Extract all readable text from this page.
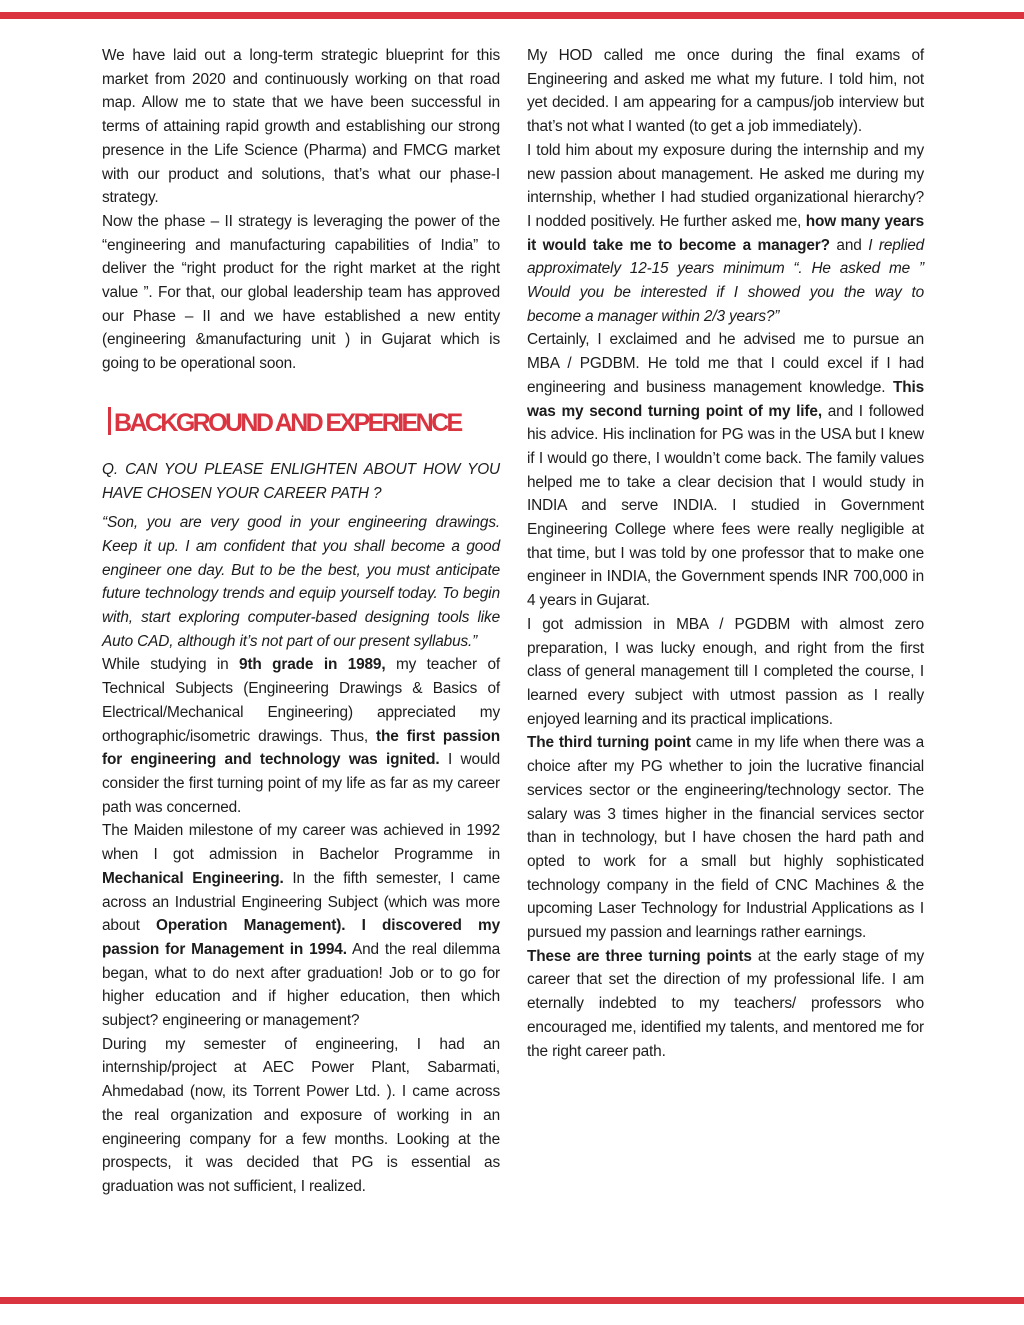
We have laid out a long-term strategic blueprint for this market from 2020 and continuously working on that road map. Allow me to state that we have been successful in terms of attaining rapid growth and establishing our strong presence in the Life Science (Pharma) and FMCG market with our product and solutions, that’s what our phase-I strategy.

Now the phase – II strategy is leveraging the power of the “engineering and manufacturing capabilities of India” to deliver the “right product for the right market at the right value ”. For that, our global leadership team has approved our Phase – II and we have established a new entity (engineering &manufacturing unit ) in Gujarat which is going to be operational soon.

BACKGROUND AND EXPERIENCE

Q. CAN YOU PLEASE ENLIGHTEN ABOUT HOW YOU HAVE CHOSEN YOUR CAREER PATH ?

“Son, you are very good in your engineering drawings. Keep it up. I am confident that you shall become a good engineer one day. But to be the best, you must anticipate future technology trends and equip yourself today. To begin with, start exploring computer-based designing tools like Auto CAD, although it’s not part of our present syllabus.”

While studying in 9th grade in 1989, my teacher of Technical Subjects (Engineering Drawings & Basics of Electrical/Mechanical Engineering) appreciated my orthographic/isometric drawings. Thus, the first passion for engineering and technology was ignited. I would consider the first turning point of my life as far as my career path was concerned.

The Maiden milestone of my career was achieved in 1992 when I got admission in Bachelor Programme in Mechanical Engineering. In the fifth semester, I came across an Industrial Engineering Subject (which was more about Operation Management). I discovered my passion for Management in 1994. And the real dilemma began, what to do next after graduation! Job or to go for higher education and if higher education, then which subject? engineering or management?

During my semester of engineering, I had an internship/project at AEC Power Plant, Sabarmati, Ahmedabad (now, its Torrent Power Ltd. ). I came across the real organization and exposure of working in an engineering company for a few months. Looking at the prospects, it was decided that PG is essential as graduation was not sufficient, I realized.

My HOD called me once during the final exams of Engineering and asked me what my future. I told him, not yet decided. I am appearing for a campus/job interview but that’s not what I wanted (to get a job immediately).

I told him about my exposure during the internship and my new passion about management. He asked me during my internship, whether I had studied organizational hierarchy? I nodded positively. He further asked me, how many years it would take me to become a manager? and I replied approximately 12-15 years minimum “. He asked me ” Would you be interested if I showed you the way to become a manager within 2/3 years?”

Certainly, I exclaimed and he advised me to pursue an MBA / PGDBM. He told me that I could excel if I had engineering and business management knowledge. This was my second turning point of my life, and I followed his advice. His inclination for PG was in the USA but I knew if I would go there, I wouldn’t come back. The family values helped me to take a clear decision that I would study in INDIA and serve INDIA. I studied in Government Engineering College where fees were really negligible at that time, but I was told by one professor that to make one engineer in INDIA, the Government spends INR 700,000 in 4 years in Gujarat.

I got admission in MBA / PGDBM with almost zero preparation, I was lucky enough, and right from the first class of general management till I completed the course, I learned every subject with utmost passion as I really enjoyed learning and its practical implications.

The third turning point came in my life when there was a choice after my PG whether to join the lucrative financial services sector or the engineering/technology sector. The salary was 3 times higher in the financial services sector than in technology, but I have chosen the hard path and opted to work for a small but highly sophisticated technology company in the field of CNC Machines & the upcoming Laser Technology for Industrial Applications as I pursued my passion and learnings rather earnings.

These are three turning points at the early stage of my career that set the direction of my professional life. I am eternally indebted to my teachers/ professors who encouraged me, identified my talents, and mentored me for the right career path.
